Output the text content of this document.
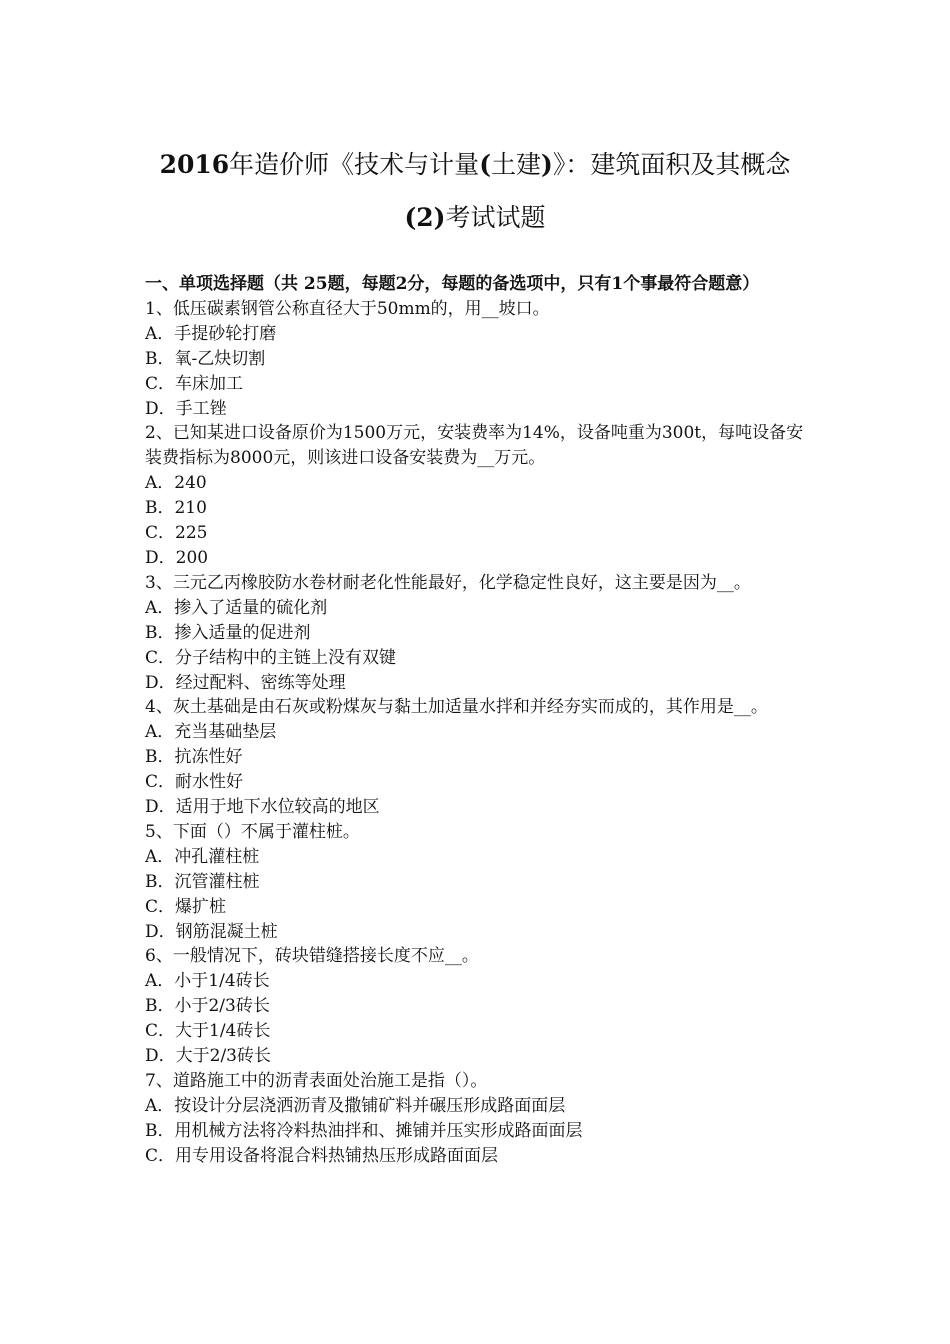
2016年造价师《技术与计量(土建)》：建筑面积及其概念
(2)考试试题

一、单项选择题（共 25题，每题2分，每题的备选项中，只有1个事最符合题意）

1、低压碳素钢管公称直径大于50mm的，用__坡口。

A．手提砂轮打磨

B．氧-乙炔切割

C．车床加工

D．手工锉

2、已知某进口设备原价为1500万元，安装费率为14%，设备吨重为300t，每吨设备安装费指标为8000元，则该进口设备安装费为__万元。

A．240

B．210

C．225

D．200

3、三元乙丙橡胶防水卷材耐老化性能最好，化学稳定性良好，这主要是因为__。

A．掺入了适量的硫化剂

B．掺入适量的促进剂

C．分子结构中的主链上没有双键

D．经过配料、密练等处理

4、灰土基础是由石灰或粉煤灰与黏土加适量水拌和并经夯实而成的，其作用是__。

A．充当基础垫层

B．抗冻性好

C．耐水性好

D．适用于地下水位较高的地区

5、下面（）不属于灌柱桩。

A．冲孔灌柱桩

B．沉管灌柱桩

C．爆扩桩

D．钢筋混凝土桩

6、一般情况下，砖块错缝搭接长度不应__。

A．小于1/4砖长

B．小于2/3砖长

C．大于1/4砖长

D．大于2/3砖长

7、道路施工中的沥青表面处治施工是指（）。

A．按设计分层浇洒沥青及撒铺矿料并碾压形成路面面层

B．用机械方法将冷料热油拌和、摊铺并压实形成路面面层

C．用专用设备将混合料热铺热压形成路面面层
